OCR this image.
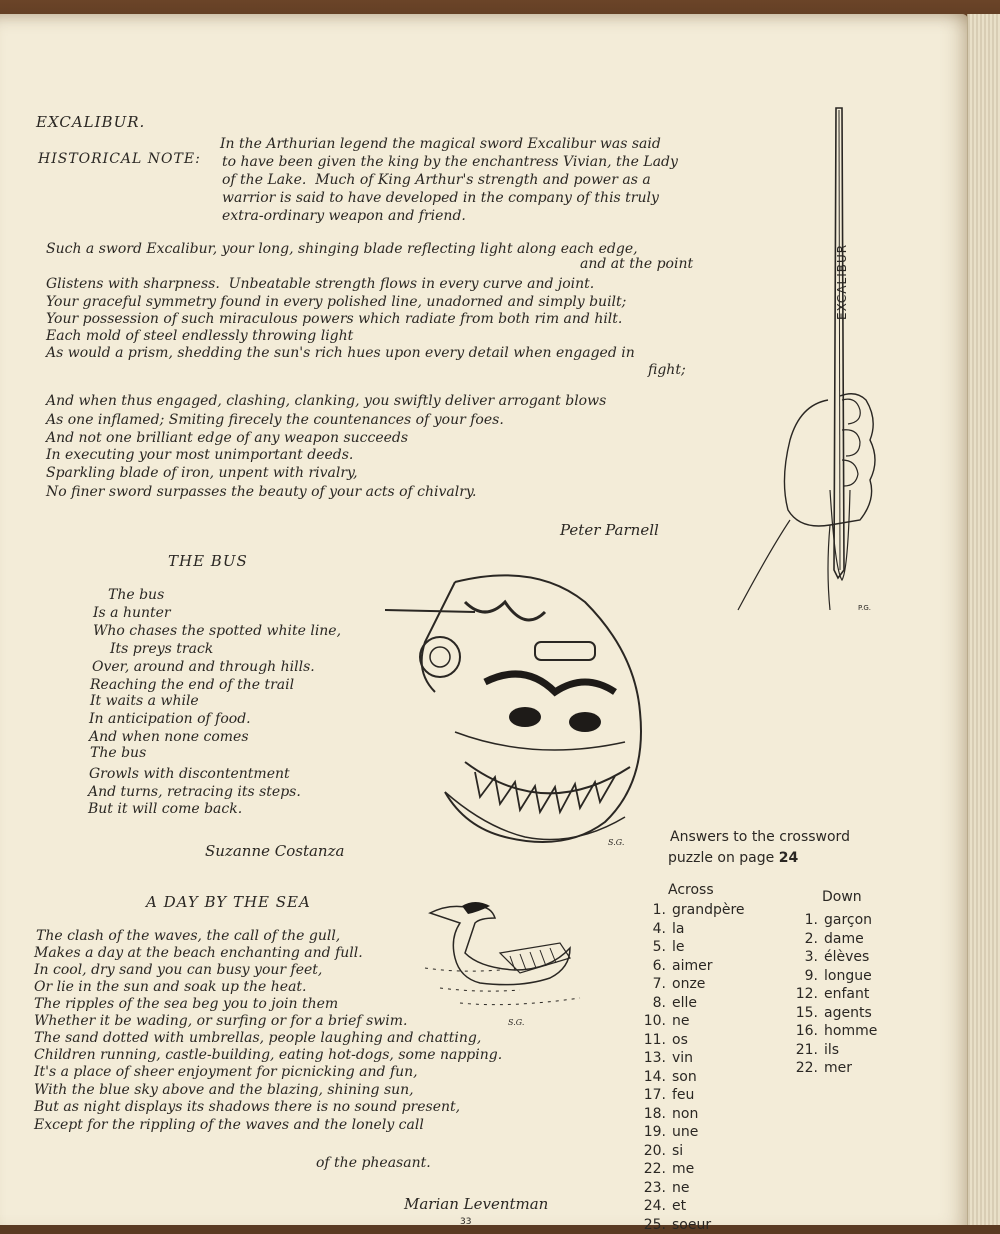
EXCALIBUR.
HISTORICAL NOTE:
In the Arthurian legend the magical sword Excalibur was said
to have been given the king by the enchantress Vivian, the Lady
of the Lake.  Much of King Arthur's strength and power as a
warrior is said to have developed in the company of this truly
extra-ordinary weapon and friend.
Such a sword Excalibur, your long, shinging blade reflecting light along each edge,
and at the point
Glistens with sharpness.  Unbeatable strength flows in every curve and joint.
Your graceful symmetry found in every polished line, unadorned and simply built;
Your possession of such miraculous powers which radiate from both rim and hilt.
Each mold of steel endlessly throwing light
As would a prism, shedding the sun's rich hues upon every detail when engaged in
fight;
And when thus engaged, clashing, clanking, you swiftly deliver arrogant blows
As one inflamed; Smiting firecely the countenances of your foes.
And not one brilliant edge of any weapon succeeds
In executing your most unimportant deeds.
Sparkling blade of iron, unpent with rivalry,
No finer sword surpasses the beauty of your acts of chivalry.
Peter Parnell
EXCALIBUR
P.G.
THE BUS
The bus
Is a hunter
Who chases the spotted white line,
Its preys track
Over, around and through hills.
Reaching the end of the trail
It waits a while
In anticipation of food.
And when none comes
The bus
Growls with discontentment
And turns, retracing its steps.
But it will come back.
Suzanne Costanza	S.G.
A DAY BY THE SEA
The clash of the waves, the call of the gull,
Makes a day at the beach enchanting and full.
In cool, dry sand you can busy your feet,
Or lie in the sun and soak up the heat.
The ripples of the sea beg you to join them
Whether it be wading, or surfing or for a brief swim.
The sand dotted with umbrellas, people laughing and chatting,
Children running, castle-building, eating hot-dogs, some napping.
It's a place of sheer enjoyment for picnicking and fun,
With the blue sky above and the blazing, shining sun,
But as night displays its shadows there is no sound present,
Except for the rippling of the waves and the lonely call
of the pheasant.
Marian Leventman
S.G.
Answers to the crossword
puzzle on page 24
Across	Down
1. grandpère
4. la
5. le
6. aimer
7. onze
8. elle
10. ne
11. os
13. vin
14. son
17. feu
18. non
19. une
20. si
22. me
23. ne
24. et
25. soeur
1. garçon
2. dame
3. élèves
9. longue
12. enfant
15. agents
16. homme
21. ils
22. mer
33
